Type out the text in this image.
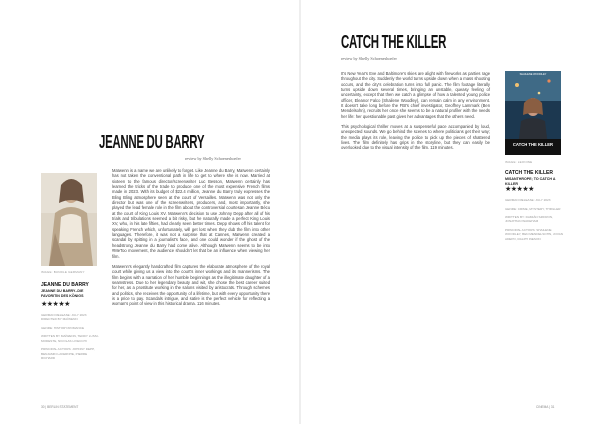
JEANNE DU BARRY
review by Shelly Schoeneshoefer
IMAGE: BUNDLE GERMANY
JEANNE DU BARRY
JEANNE DU BARRY–DIE FAVORITIN DES KÖNIGS
★★★★★
GERMAN RELEASE: JULY 2023
DIRECTED BY MAÏWENN

GENRE: HISTORY/ROMANCE

WRITTEN BY MAÏWENN, TEDDY LUSSI-MODESTE, NICOLAS LIVECCHI

PRINCIPAL ACTORS: JOHNNY DEPP, BENJAMIN LAVERNHE, PIERRE RICHARD

Maïwenn is a name we are unlikely to forget. Like Jeanne du Barry, Maïwenn certainly has not taken the conventional path in life to get to where she is now. Married at sixteen to the famous director/screenwriter Luc Besson, Maïwenn certainly has learned the tricks of the trade to produce one of the most expensive French films made in 2023. With its budget of $22.4 million, Jeanne du Barry truly expresses the Bling Bling atmosphere seen at the court of Versailles. Maïwenn was not only the director but was one of the screenwriters, producers, and, most importantly, she played the lead female role in the film about the controversial courtesan Jeanne Bécu at the court of King Louis XV. Maïwenn's decision to use Johnny Depp after all of his trials and tribulations seemed a bit risky, but he naturally made a perfect King Louis XV, who, in his late fifties, had clearly seen better times. Depp shows off his talent for speaking French which, unfortunately, will get lost when they dub the film into other languages. Therefore, it was not a surprise that at Cannes, Maïwenn created a scandal by spitting in a journalist's face, and one could wonder if the ghost of the headstrong Jeanne du Barry had come alive. Although Maïwenn seems to be into #MeToo movement, the audience shouldn't let that be an influence when viewing her film.

Maïwenn's elegantly handcrafted film captures the elaborate atmosphere of the royal court while giving us a view into the court's inner workings and its mannerisms. The film begins with a narration of her humble beginnings as the illegitimate daughter of a seamstress. Due to her legendary beauty and wit, she chose the best career suited for her, as a prostitute working in the salons visited by aristocrats. Through schemes and politics, she receives the opportunity of a lifetime, but with every opportunity there is a price to pay. Scandals intrigue, and satire is the perfect vehicle for reflecting a woman's point of view in this historical drama. 116 minutes.

30 | BERLIN STATEMENT
CATCH THE KILLER
review by Shelly Schoeneshoefer

It's New Year's Eve and Baltimore's skies are alight with fireworks as parties rage throughout the city. Suddenly the world turns upside down when a mass shooting occurs, and the city's celebration turns into full panic. The film footage literally turns upside down several times, bringing an unstable, queasy feeling of uncertainty, except that then we catch a glimpse of how a talented young police officer, Eleanor Falco (Shailene Woodley), can remain calm in any environment. It doesn't take long before the FBI's chief investigator, Geoffrey Lammark (Ben Mendelsohn), recruits her once she seems to be a natural profiler with the needs her life: her questionable past gives her advantages that the others need.

This psychological thriller moves at a suspenseful pace accompanied by loud, unexpected sounds. We go behind the scenes to where politicians get their way; the media plays its role, leaving the police to pick up the pieces of shattered lives. The film definitely has grips in the storyline, but they can easily be overlooked due to the visual intensity of the film. 119 minutes.

SHAILENE WOODLEY
CATCH THE KILLER
IMAGE: LEONINE
CATCH THE KILLER
MISANTHROPE; TO CATCH A KILLER
★★★★★
GERMAN RELEASE: JULY 2023

GENRE: CRIME, MYSTERY, THRILLER

WRITTEN BY: DAMIÁN SZIFRON, JONATHAN WAKEHAM

PRINCIPAL ACTORS: SHAILENE WOODLEY, BEN MENDELSOHN, JOVAN ADEPO, RALPH INESON
CINEMA | 31
